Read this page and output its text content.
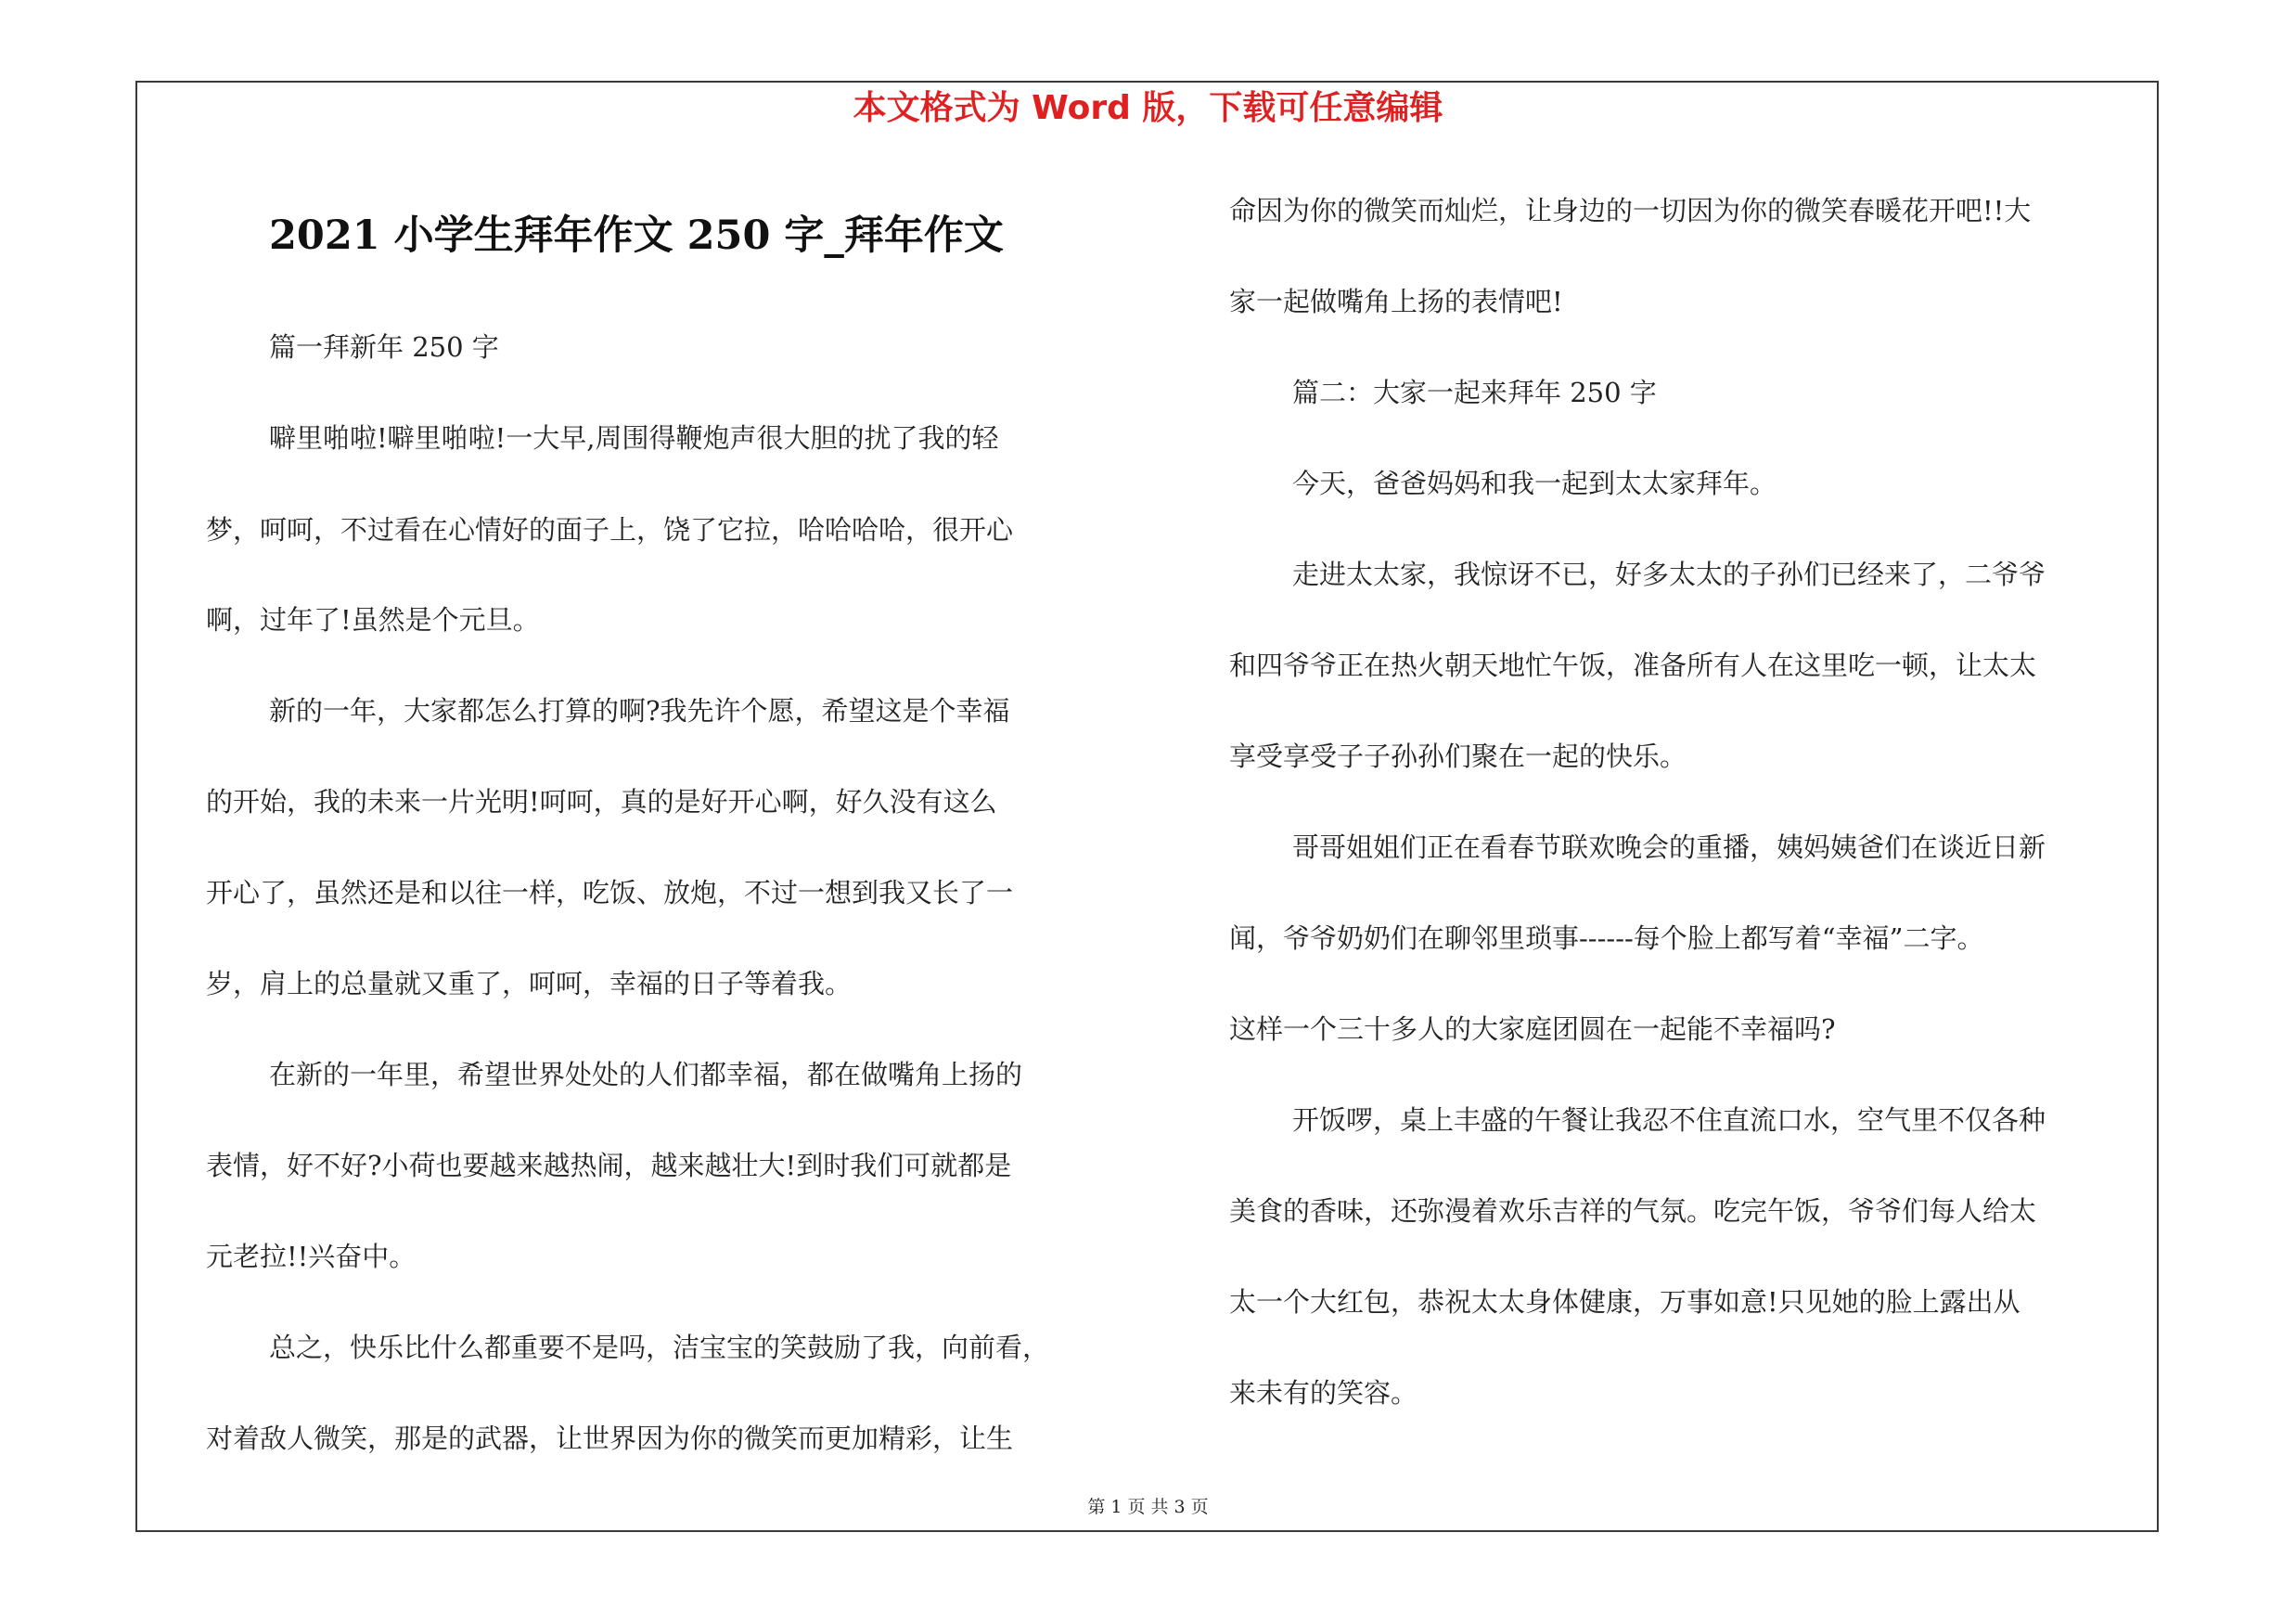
本文格式为 Word 版，下载可任意编辑
2021 小学生拜年作文 250 字_拜年作文
篇一拜新年 250 字
噼里啪啦!噼里啪啦!一大早,周围得鞭炮声很大胆的扰了我的轻
梦，呵呵，不过看在心情好的面子上，饶了它拉，哈哈哈哈，很开心
啊，过年了!虽然是个元旦。
新的一年，大家都怎么打算的啊?我先许个愿，希望这是个幸福
的开始，我的未来一片光明!呵呵，真的是好开心啊，好久没有这么
开心了，虽然还是和以往一样，吃饭、放炮，不过一想到我又长了一
岁，肩上的总量就又重了，呵呵，幸福的日子等着我。
在新的一年里，希望世界处处的人们都幸福，都在做嘴角上扬的
表情，好不好?小荷也要越来越热闹，越来越壮大!到时我们可就都是
元老拉!!兴奋中。
总之，快乐比什么都重要不是吗，洁宝宝的笑鼓励了我，向前看，
对着敌人微笑，那是的武器，让世界因为你的微笑而更加精彩，让生
命因为你的微笑而灿烂，让身边的一切因为你的微笑春暖花开吧!!大
家一起做嘴角上扬的表情吧!
篇二：大家一起来拜年 250 字
今天，爸爸妈妈和我一起到太太家拜年。
走进太太家，我惊讶不已，好多太太的子孙们已经来了，二爷爷
和四爷爷正在热火朝天地忙午饭，准备所有人在这里吃一顿，让太太
享受享受子子孙孙们聚在一起的快乐。
哥哥姐姐们正在看春节联欢晚会的重播，姨妈姨爸们在谈近日新
闻，爷爷奶奶们在聊邻里琐事------每个脸上都写着“幸福”二字。
这样一个三十多人的大家庭团圆在一起能不幸福吗?
开饭啰，桌上丰盛的午餐让我忍不住直流口水，空气里不仅各种
美食的香味，还弥漫着欢乐吉祥的气氛。吃完午饭，爷爷们每人给太
太一个大红包，恭祝太太身体健康，万事如意!只见她的脸上露出从
来未有的笑容。
第 1 页 共 3 页
